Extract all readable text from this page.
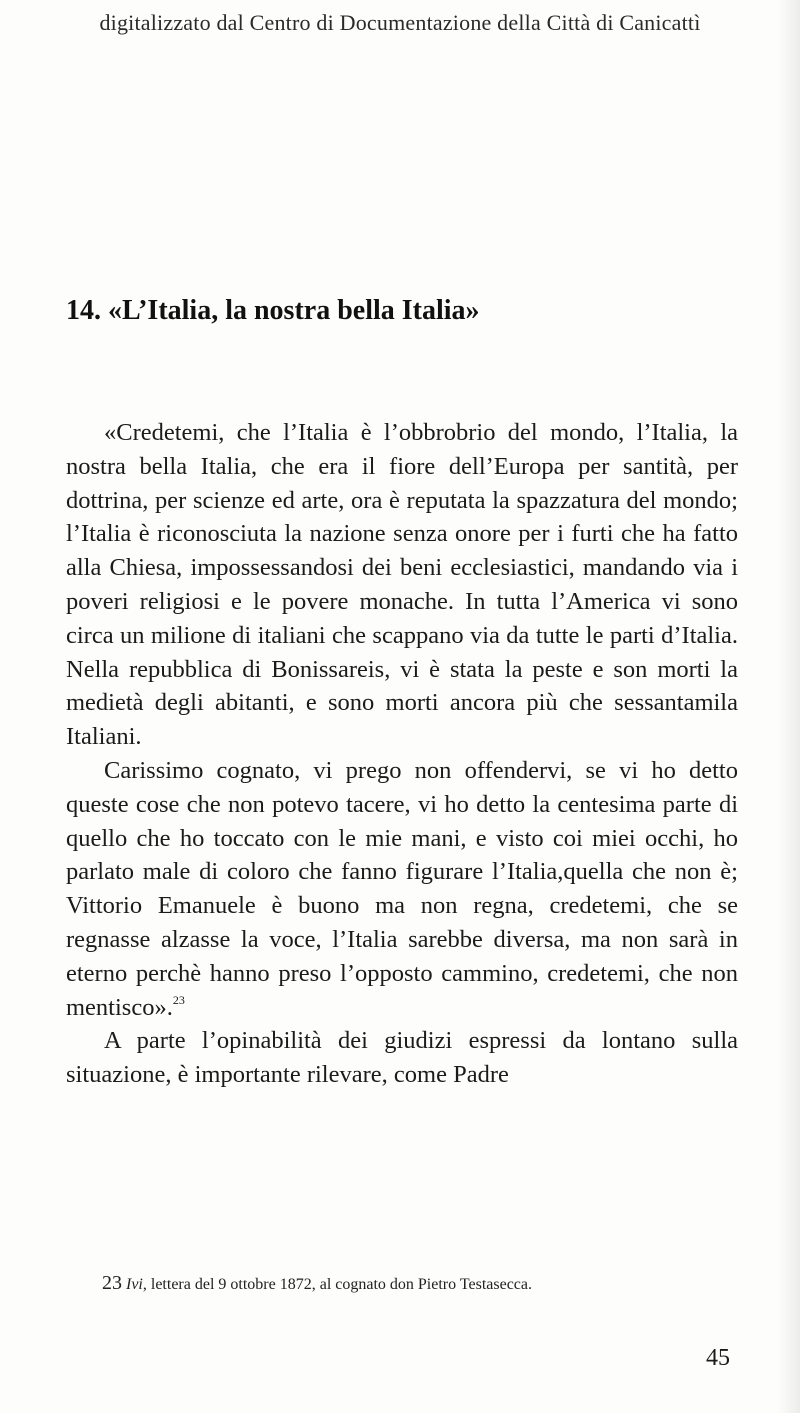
digitalizzato dal Centro di Documentazione della Città di Canicattì
14. «L’Italia, la nostra bella Italia»

«Credetemi, che l’Italia è l’obbrobrio del mondo, l’Italia, la nostra bella Italia, che era il fiore dell’Europa per santità, per dottrina, per scienze ed arte, ora è reputata la spazzatura del mondo; l’Italia è riconosciuta la nazione senza onore per i furti che ha fatto alla Chiesa, impossessandosi dei beni ecclesiastici, mandando via i poveri religiosi e le povere monache. In tutta l’America vi sono circa un milione di italiani che scappano via da tutte le parti d’Italia. Nella repubblica di Bonissareis, vi è stata la peste e son morti la medietà degli abitanti, e sono morti ancora più che sessantamila Italiani.

Carissimo cognato, vi prego non offendervi, se vi ho detto queste cose che non potevo tacere, vi ho detto la centesima parte di quello che ho toccato con le mie mani, e visto coi miei occhi, ho parlato male di coloro che fanno figurare l’Italia,quella che non è; Vittorio Emanuele è buono ma non regna, credetemi, che se regnasse alzasse la voce, l’Italia sarebbe diversa, ma non sarà in eterno perchè hanno preso l’opposto cammino, credetemi, che non mentisco».$^{23}$

A parte l’opinabilità dei giudizi espressi da lontano sulla situazione, è importante rilevare, come Padre

23 Ivi, lettera del 9 ottobre 1872, al cognato don Pietro Testasecca.
45
